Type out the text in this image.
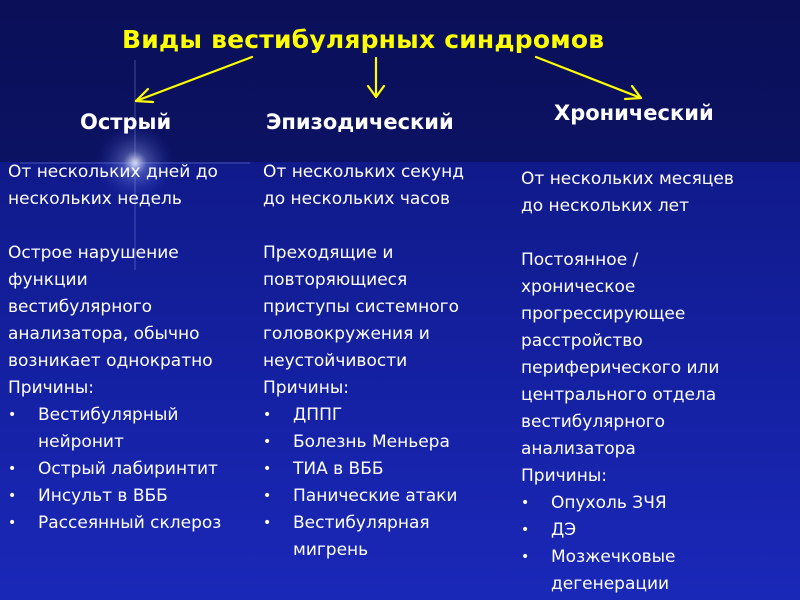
Виды вестибулярных синдромов
Острый	Эпизодический	Хронический

От нескольких дней до

нескольких недель

Острое нарушение

функции

вестибулярного

анализатора, обычно

возникает однократно

Причины:

• Вестибулярный
нейронит
• Острый лабиринтит
• Инсульт в ВББ
• Рассеянный склероз

От нескольких секунд

до нескольких часов

Преходящие и

повторяющиеся

приступы системного

головокружения и

неустойчивости

Причины:

• ДППГ
• Болезнь Меньера
• ТИА в ВББ
• Панические атаки
• Вестибулярная
мигрень

От нескольких месяцев

до нескольких лет

Постоянное /

хроническое

прогрессирующее

расстройство

периферического или

центрального отдела

вестибулярного

анализатора

Причины:

• Опухоль ЗЧЯ
• ДЭ
• Мозжечковые
дегенерации
